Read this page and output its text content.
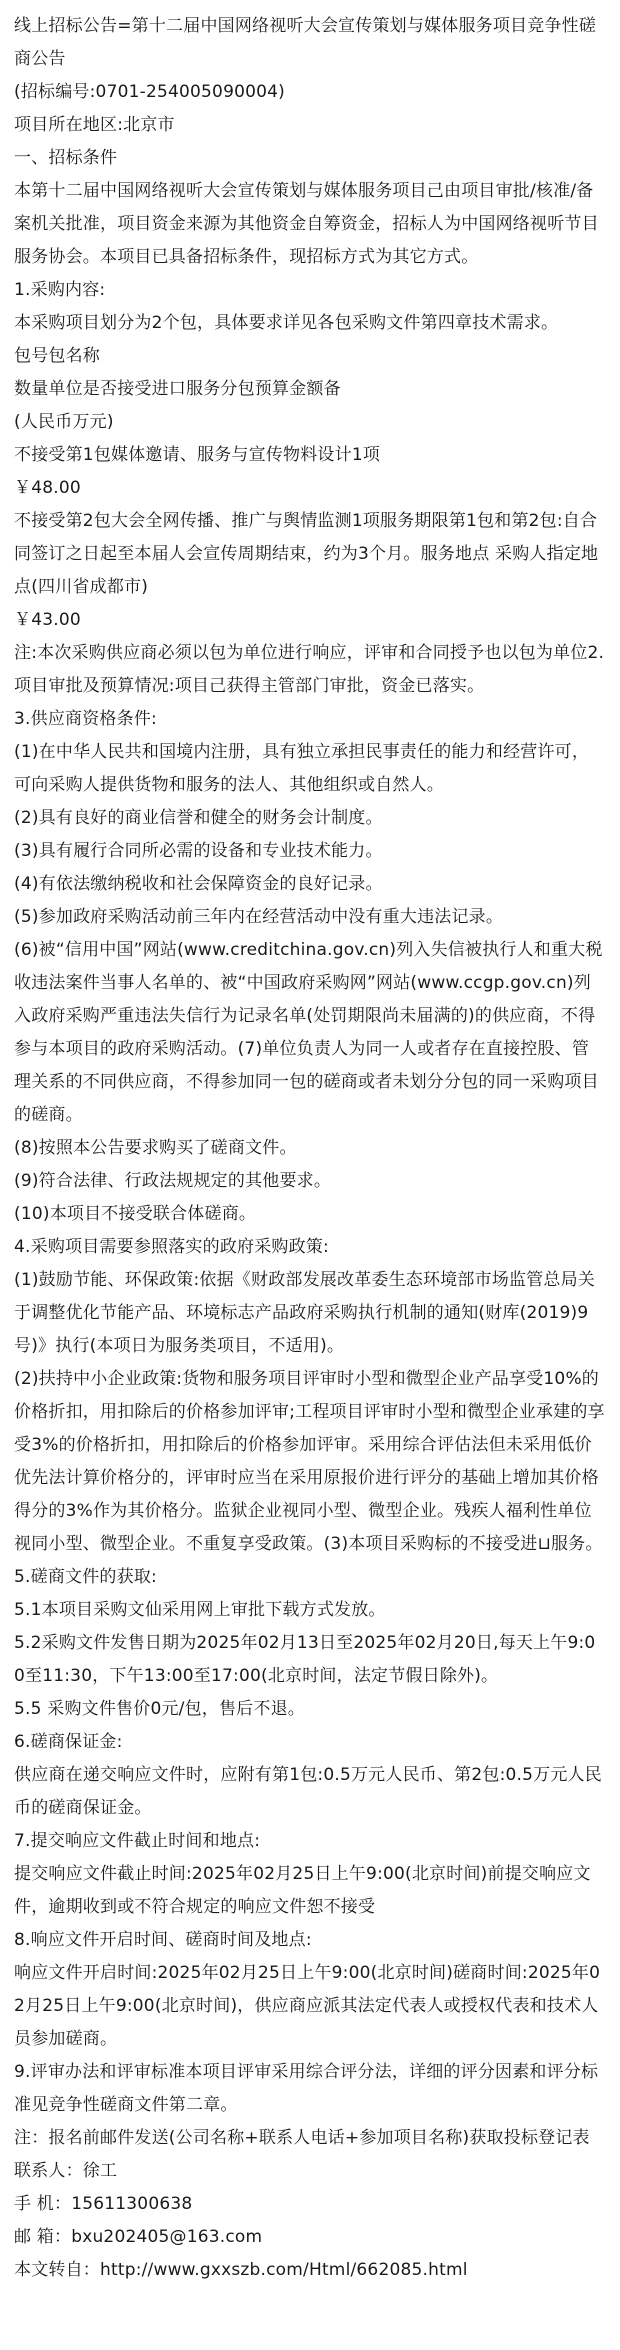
线上招标公告=第十二届中国网络视听大会宣传策划与媒体服务项目竞争性磋商公告

(招标编号:0701-254005090004)

项目所在地区:北京市

一、招标条件

本第十二届中国网络视听大会宣传策划与媒体服务项目己由项目审批/核准/备案机关批准，项目资金来源为其他资金自筹资金，招标人为中国网络视听节目服务协会。本项目已具备招标条件，现招标方式为其它方式。

1.采购内容:

本采购项目划分为2个包，具体要求详见各包采购文件第四章技术需求。

包号包名称

数量单位是否接受进口服务分包预算金额备

(人民币万元)

不接受第1包媒体邀请、服务与宣传物料设计1项

￥48.00

不接受第2包大会全网传播、推广与舆情监测1项服务期限第1包和第2包:自合同签订之日起至本届人会宣传周期结束，约为3个月。服务地点 采购人指定地点(四川省成都市)

￥43.00

注:本次采购供应商必须以包为单位进行响应，评审和合同授予也以包为单位2.项目审批及预算情况:项目己获得主管部门审批，资金已落实。

3.供应商资格条件:

(1)在中华人民共和国境内注册，具有独立承担民事责任的能力和经营许可，可向采购人提供货物和服务的法人、其他组织或自然人。

(2)具有良好的商业信誉和健全的财务会计制度。

(3)具有履行合同所必需的设备和专业技术能力。

(4)有依法缴纳税收和社会保障资金的良好记录。

(5)参加政府采购活动前三年内在经营活动中没有重大违法记录。

(6)被“信用中国”网站(www.creditchina.gov.cn)列入失信被执行人和重大税收违法案件当事人名单的、被“中国政府采购网”网站(www.ccgp.gov.cn)列入政府采购严重违法失信行为记录名单(处罚期限尚未届满的)的供应商，不得参与本项目的政府采购活动。(7)单位负责人为同一人或者存在直接控股、管理关系的不同供应商，不得参加同一包的磋商或者未划分分包的同一采购项目的磋商。

(8)按照本公告要求购买了磋商文件。

(9)符合法律、行政法规规定的其他要求。

(10)本项目不接受联合体磋商。

4.采购项目需要参照落实的政府采购政策:

(1)鼓励节能、环保政策:依据《财政部发展改革委生态环境部市场监管总局关于调整优化节能产品、环境标志产品政府采购执行机制的通知(财库(2019)9号)》执行(本项日为服务类项目，不适用)。

(2)扶持中小企业政策:货物和服务项目评审时小型和微型企业产品享受10%的价格折扣，用扣除后的价格参加评审;工程项目评审时小型和微型企业承建的享受3%的价格折扣，用扣除后的价格参加评审。采用综合评估法但未采用低价优先法计算价格分的，评审时应当在采用原报价进行评分的基础上增加其价格得分的3%作为其价格分。监狱企业视同小型、微型企业。残疾人福利性单位视同小型、微型企业。不重复享受政策。(3)本项目采购标的不接受进⊔服务。

5.磋商文件的获取:

5.1本项目采购文仙采用网上审批下载方式发放。

5.2采购文件发售日期为2025年02月13日至2025年02月20日,每天上午9:00至11:30，下午13:00至17:00(北京时间，法定节假日除外)。

5.5 采购文件售价0元/包，售后不退。

6.磋商保证金:

供应商在递交响应文件时，应附有第1包:0.5万元人民币、第2包:0.5万元人民币的磋商保证金。

7.提交响应文件截止时间和地点:

提交响应文件截止时间:2025年02月25日上午9:00(北京时间)前提交响应文件，逾期收到或不符合规定的响应文件恕不接受

8.响应文件开启时间、磋商时间及地点:

响应文件开启时间:2025年02月25日上午9:00(北京时间)磋商时间:2025年02月25日上午9:00(北京时间)，供应商应派其法定代表人或授权代表和技术人员参加磋商。

9.评审办法和评审标准本项目评审采用综合评分法，详细的评分因素和评分标准见竞争性磋商文件第二章。

注：报名前邮件发送(公司名称+联系人电话+参加项目名称)获取投标登记表

联系人：徐工

手 机：15611300638

邮 箱：bxu202405@163.com

本文转自：http://www.gxxszb.com/Html/662085.html
